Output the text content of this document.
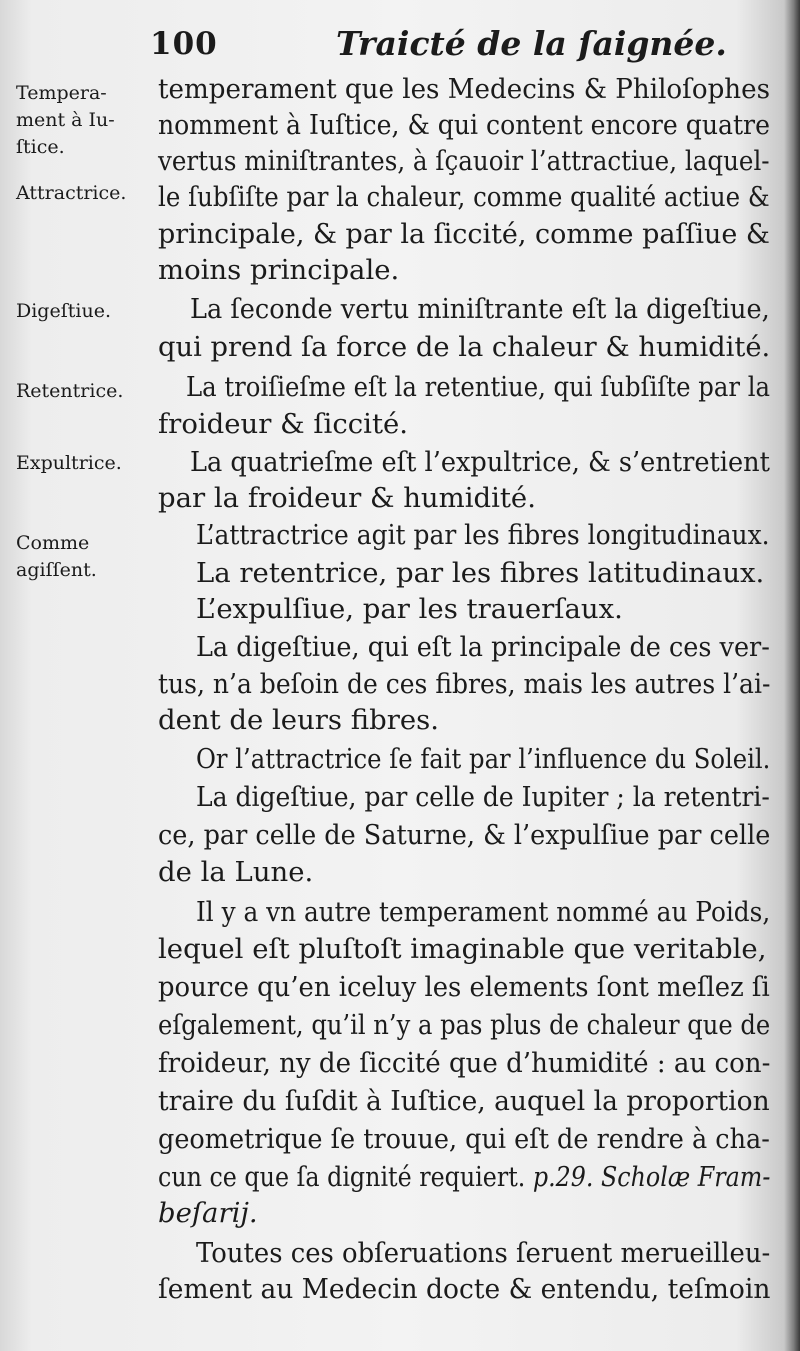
100	Traicté de la ſaignée.
Tempera-
ment à Iu-
ſtice.
Attractrice.
Digeſtiue.
Retentrice.
Expultrice.
Comme
agiſſent.
temperament que les Medecins & Philoſophes
nomment à Iuſtice, & qui content encore quatre
vertus miniſtrantes, à ſçauoir l’attractiue, laquel-
le ſubſiſte par la chaleur, comme qualité actiue &
principale, & par la ſiccité, comme paſſiue &
moins principale.
La ſeconde vertu miniſtrante eſt la digeſtiue,
qui prend ſa force de la chaleur & humidité.
La troiſieſme eſt la retentiue, qui ſubſiſte par la
froideur & ſiccité.
La quatrieſme eſt l’expultrice, & s’entretient
par la froideur & humidité.
L’attractrice agit par les fibres longitudinaux.
La retentrice, par les fibres latitudinaux.
L’expulſiue, par les trauerſaux.
La digeſtiue, qui eſt la principale de ces ver-
tus, n’a beſoin de ces fibres, mais les autres l’ai-
dent de leurs fibres.
Or l’attractrice ſe fait par l’influence du Soleil.
La digeſtiue, par celle de Iupiter ; la retentri-
ce, par celle de Saturne, & l’expulſiue par celle
de la Lune.
Il y a vn autre temperament nommé au Poids,
lequel eſt pluſtoſt imaginable que veritable,
pource qu’en iceluy les elements ſont meſlez ſi
eſgalement, qu’il n’y a pas plus de chaleur que de
froideur, ny de ſiccité que d’humidité : au con-
traire du ſuſdit à Iuſtice, auquel la proportion
geometrique ſe trouue, qui eſt de rendre à cha-
cun ce que ſa dignité requiert. p.29. Scholæ Fram-
beſarij.
Toutes ces obſeruations ſeruent merueilleu-
ſement au Medecin docte & entendu, teſmoin
